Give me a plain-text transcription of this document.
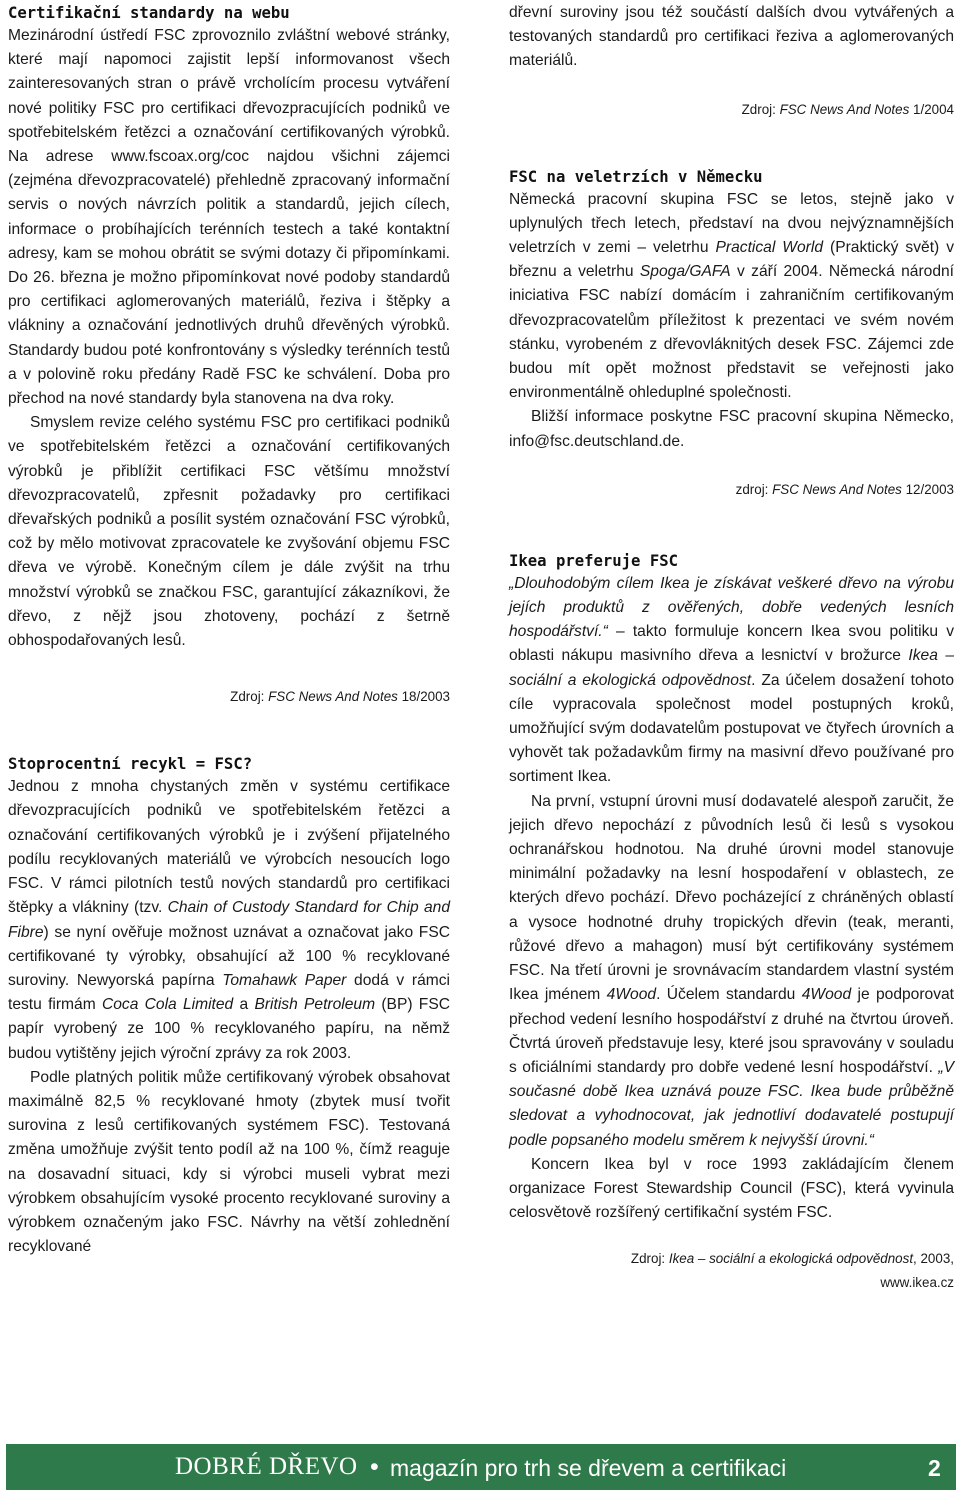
Certifikační standardy na webu

Mezinárodní ústředí FSC zprovoznilo zvláštní webové stránky, které mají napomoci zajistit lepší informovanost všech zainteresovaných stran o právě vrcholícím procesu vytváření nové politiky FSC pro certifikaci dřevozpracujících podniků ve spotřebitelském řetězci a označování certifikovaných výrobků. Na adrese www.fscoax.org/coc najdou všichni zájemci (zejména dřevozpracovatelé) přehledně zpracovaný informační servis o nových návrzích politik a standardů, jejich cílech, informace o probíhajících terénních testech a také kontaktní adresy, kam se mohou obrátit se svými dotazy či připomínkami. Do 26. března je možno připomínkovat nové podoby standardů pro certifikaci aglomerovaných materiálů, řeziva i štěpky a vlákniny a označování jednotlivých druhů dřevěných výrobků. Standardy budou poté konfrontovány s výsledky terénních testů a v polovině roku předány Radě FSC ke schválení. Doba pro přechod na nové standardy byla stanovena na dva roky.

Smyslem revize celého systému FSC pro certifikaci podniků ve spotřebitelském řetězci a označování certifikovaných výrobků je přiblížit certifikaci FSC většímu množství dřevozpracovatelů, zpřesnit požadavky pro certifikaci dřevařských podniků a posílit systém označování FSC výrobků, což by mělo motivovat zpracovatele ke zvyšování objemu FSC dřeva ve výrobě. Konečným cílem je dále zvýšit na trhu množství výrobků se značkou FSC, garantující zákazníkovi, že dřevo, z nějž jsou zhotoveny, pochází z šetrně obhospodařovaných lesů.

Zdroj: FSC News And Notes 18/2003

Stoprocentní recykl = FSC?

Jednou z mnoha chystaných změn v systému certifikace dřevozpracujících podniků ve spotřebitelském řetězci a označování certifikovaných výrobků je i zvýšení přijatelného podílu recyklovaných materiálů ve výrobcích nesoucích logo FSC. V rámci pilotních testů nových standardů pro certifikaci štěpky a vlákniny (tzv. Chain of Custody Standard for Chip and Fibre) se nyní ověřuje možnost uznávat a označovat jako FSC certifikované ty výrobky, obsahující až 100 % recyklované suroviny. Newyorská papírna Tomahawk Paper dodá v rámci testu firmám Coca Cola Limited a British Petroleum (BP) FSC papír vyrobený ze 100 % recyklovaného papíru, na němž budou vytištěny jejich výroční zprávy za rok 2003.

Podle platných politik může certifikovaný výrobek obsahovat maximálně 82,5 % recyklované hmoty (zbytek musí tvořit surovina z lesů certifikovaných systémem FSC). Testovaná změna umožňuje zvýšit tento podíl až na 100 %, čímž reaguje na dosavadní situaci, kdy si výrobci museli vybrat mezi výrobkem obsahujícím vysoké procento recyklované suroviny a výrobkem označeným jako FSC. Návrhy na větší zohlednění recyklované

dřevní suroviny jsou též součástí dalších dvou vytvářených a testovaných standardů pro certifikaci řeziva a aglomerovaných materiálů.

Zdroj: FSC News And Notes 1/2004

FSC na veletrzích v Německu

Německá pracovní skupina FSC se letos, stejně jako v uplynulých třech letech, představí na dvou nejvýznamnějších veletrzích v zemi – veletrhu Practical World (Praktický svět) v březnu a veletrhu Spoga/GAFA v září 2004. Německá národní iniciativa FSC nabízí domácím i zahraničním certifikovaným dřevozpracovatelům příležitost k prezentaci ve svém novém stánku, vyrobeném z dřevovláknitých desek FSC. Zájemci zde budou mít opět možnost představit se veřejnosti jako environmentálně ohleduplné společnosti.

Bližší informace poskytne FSC pracovní skupina Německo, info@fsc.deutschland.de.

zdroj: FSC News And Notes 12/2003

Ikea preferuje FSC

„Dlouhodobým cílem Ikea je získávat veškeré dřevo na výrobu jejích produktů z ověřených, dobře vedených lesních hospodářství.“ – takto formuluje koncern Ikea svou politiku v oblasti nákupu masivního dřeva a lesnictví v brožurce Ikea – sociální a ekologická odpovědnost. Za účelem dosažení tohoto cíle vypracovala společnost model postupných kroků, umožňující svým dodavatelům postupovat ve čtyřech úrovních a vyhovět tak požadavkům firmy na masivní dřevo používané pro sortiment Ikea.

Na první, vstupní úrovni musí dodavatelé alespoň zaručit, že jejich dřevo nepochází z původních lesů či lesů s vysokou ochranářskou hodnotou. Na druhé úrovni model stanovuje minimální požadavky na lesní hospodaření v oblastech, ze kterých dřevo pochází. Dřevo pocházející z chráněných oblastí a vysoce hodnotné druhy tropických dřevin (teak, meranti, růžové dřevo a mahagon) musí být certifikovány systémem FSC. Na třetí úrovni je srovnávacím standardem vlastní systém Ikea jménem 4Wood. Účelem standardu 4Wood je podporovat přechod vedení lesního hospodářství z druhé na čtvrtou úroveň. Čtvrtá úroveň představuje lesy, které jsou spravovány v souladu s oficiálními standardy pro dobře vedené lesní hospodářství. „V současné době Ikea uznává pouze FSC. Ikea bude průběžně sledovat a vyhodnocovat, jak jednotliví dodavatelé postupují podle popsaného modelu směrem k nejvyšší úrovni.“

Koncern Ikea byl v roce 1993 zakládajícím členem organizace Forest Stewardship Council (FSC), která vyvinula celosvětově rozšířený certifikační systém FSC.

Zdroj: Ikea – sociální a ekologická odpovědnost, 2003,

www.ikea.cz

DOBRÉ DŘEVO • magazín pro trh se dřevem a certifikaci	2
